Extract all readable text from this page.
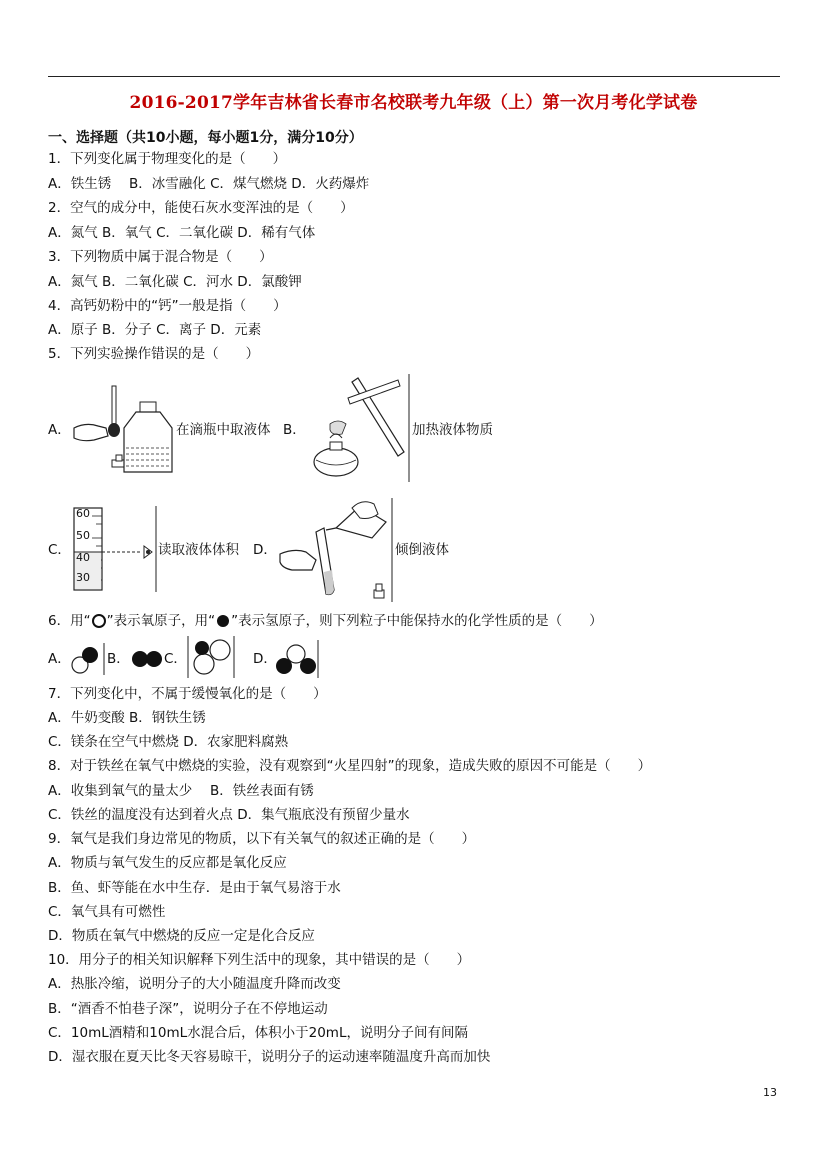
2016-2017学年吉林省长春市名校联考九年级（上）第一次月考化学试卷
一、选择题（共10小题，每小题1分，满分10分）
1．下列变化属于物理变化的是（　　）
A．铁生锈　 B．冰雪融化 C．煤气燃烧 D．火药爆炸
2．空气的成分中，能使石灰水变浑浊的是（　　）
A．氮气 B．氧气 C．二氧化碳 D．稀有气体
3．下列物质中属于混合物是（　　）
A．氮气 B．二氧化碳 C．河水 D．氯酸钾
4．高钙奶粉中的“钙”一般是指（　　）
A．原子 B．分子 C．离子 D．元素
5．下列实验操作错误的是（　　）
A．	在滴瓶中取液体 B．	加热液体物质
C．
60
50
40
30
读取液体体积 D．	倾倒液体
6．用“ ”表示氧原子，用“ ”表示氢原子，则下列粒子中能保持水的化学性质的是（　　）
A．	B．	C．	D．
7．下列变化中，不属于缓慢氧化的是（　　）
A．牛奶变酸 B．钢铁生锈
C．镁条在空气中燃烧 D．农家肥料腐熟
8．对于铁丝在氧气中燃烧的实验，没有观察到“火星四射”的现象，造成失败的原因不可能是（　　）
A．收集到氧气的量太少　 B．铁丝表面有锈
C．铁丝的温度没有达到着火点 D．集气瓶底没有预留少量水
9．氧气是我们身边常见的物质，以下有关氧气的叙述正确的是（　　）
A．物质与氧气发生的反应都是氧化反应
B．鱼、虾等能在水中生存．是由于氧气易溶于水
C．氧气具有可燃性
D．物质在氧气中燃烧的反应一定是化合反应
10．用分子的相关知识解释下列生活中的现象，其中错误的是（　　）
A．热胀冷缩，说明分子的大小随温度升降而改变
B．“酒香不怕巷子深”，说明分子在不停地运动
C．10mL酒精和10mL水混合后，体积小于20mL，说明分子间有间隔
D．湿衣服在夏天比冬天容易晾干，说明分子的运动速率随温度升高而加快
13
